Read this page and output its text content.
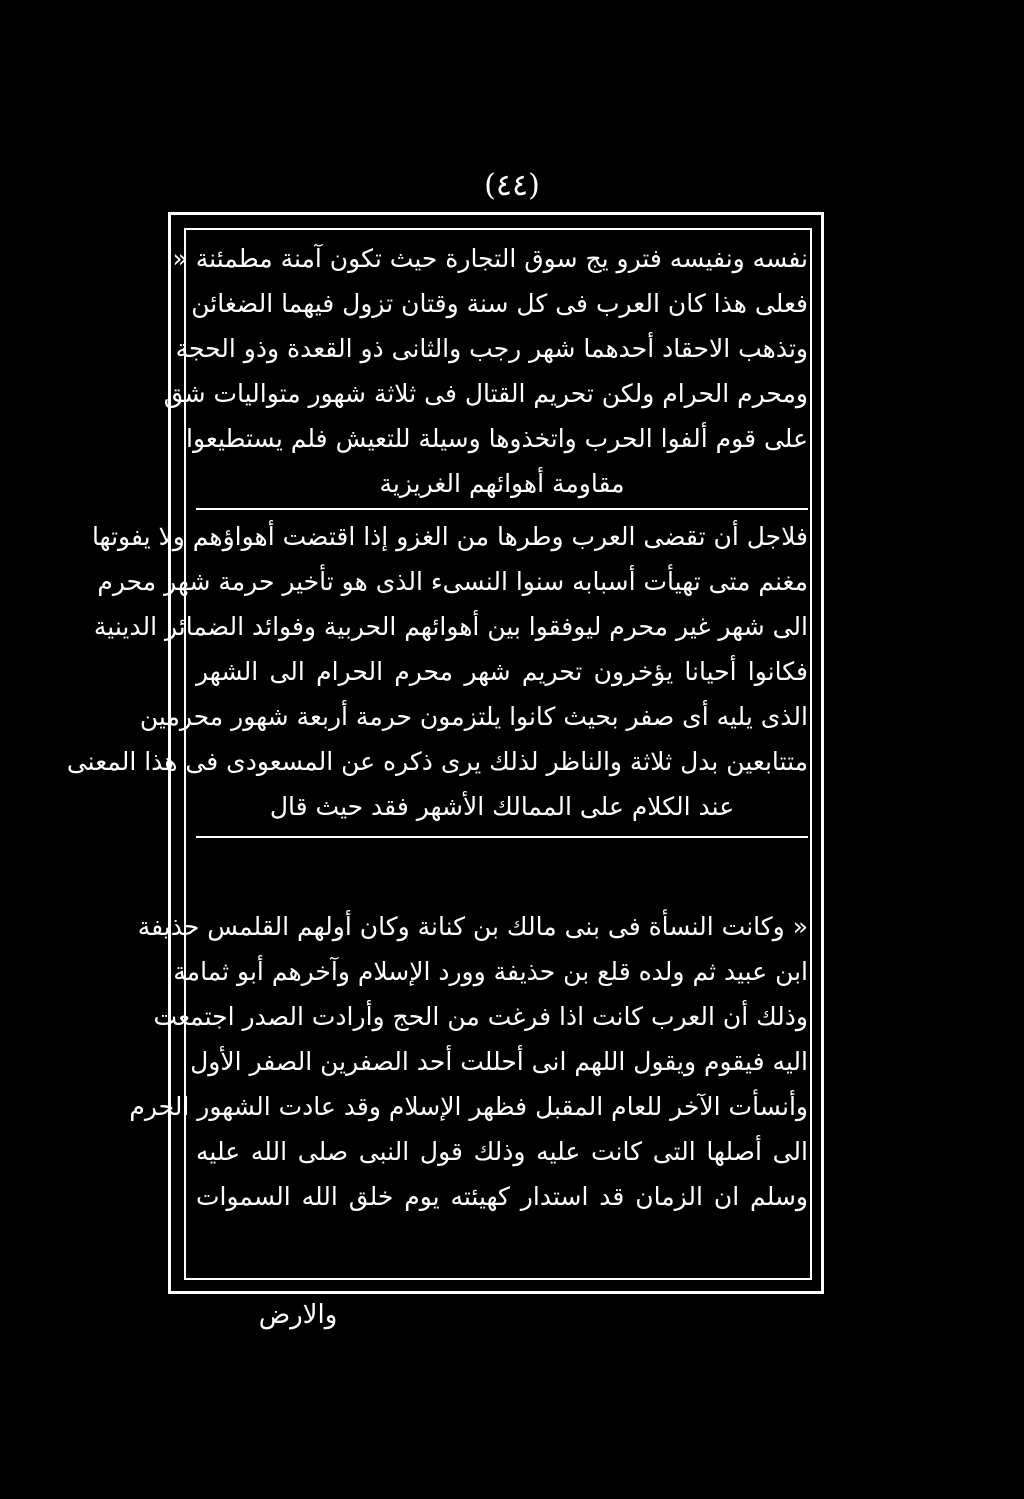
(٤٤)
نفسه ونفيسه فترو يج سوق التجارة حيث تكون آمنة مطمئنة «
فعلى هذا كان العرب فى كل سنة وقتان تزول فيهما الضغائن
وتذهب الاحقاد أحدهما شهر رجب والثانى ذو القعدة وذو الحجة
ومحرم الحرام ولكن تحريم القتال فى ثلاثة شهور متواليات شق
على قوم ألفوا الحرب واتخذوها وسيلة للتعيش فلم يستطيعوا
مقاومة أهوائهم الغريزية
فلاجل أن تقضى العرب وطرها من الغزو إذا اقتضت أهواؤهم ولا يفوتها
مغنم متى تهيأت أسبابه سنوا النسىء الذى هو تأخير حرمة شهر محرم
الى شهر غير محرم ليوفقوا بين أهوائهم الحربية وفوائد الضمائر الدينية
فكانوا أحيانا يؤخرون تحريم شهر محرم الحرام الى الشهر
الذى يليه أى صفر بحيث كانوا يلتزمون حرمة أربعة شهور محرمين
متتابعين بدل ثلاثة والناظر لذلك يرى ذكره عن المسعودى فى هذا المعنى
عند الكلام على الممالك الأشهر فقد حيث قال
« وكانت النسأة فى بنى مالك بن كنانة وكان أولهم القلمس حذيفة
ابن عبيد ثم ولده قلع بن حذيفة وورد الإسلام وآخرهم أبو ثمامة
وذلك أن العرب كانت اذا فرغت من الحج وأرادت الصدر اجتمعت
اليه فيقوم ويقول اللهم انى أحللت أحد الصفرين الصفر الأول
وأنسأت الآخر للعام المقبل فظهر الإسلام وقد عادت الشهور الحرم
الى أصلها التى كانت عليه وذلك قول النبى صلى الله عليه
وسلم ان الزمان قد استدار كهيئته يوم خلق الله السموات
والارض
